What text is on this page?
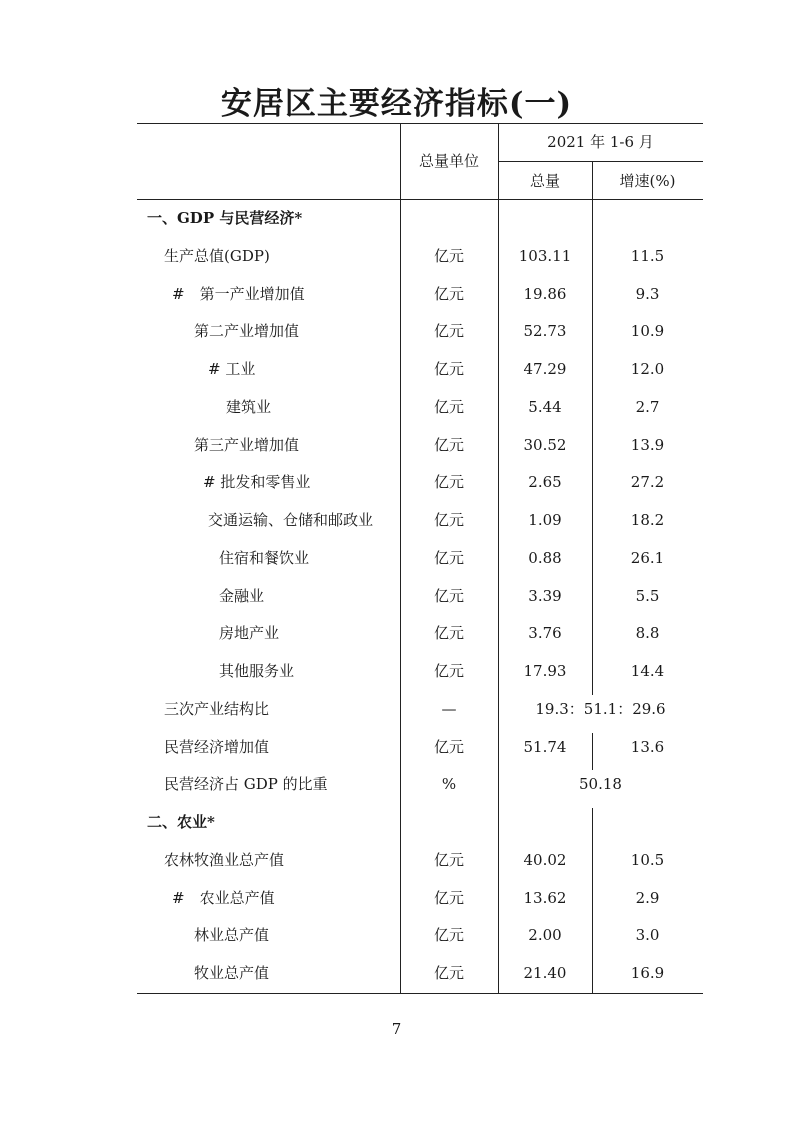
安居区主要经济指标(一)
总量单位
2021 年 1-6 月
总量	增速(%)
一、GDP 与民营经济*
生产总值(GDP)	亿元	103.11	11.5
#　第一产业增加值	亿元	19.86	9.3
第二产业增加值	亿元	52.73	10.9
# 工业	亿元	47.29	12.0
建筑业	亿元	5.44	2.7
第三产业增加值	亿元	30.52	13.9
# 批发和零售业	亿元	2.65	27.2
交通运输、仓储和邮政业	亿元	1.09	18.2
住宿和餐饮业	亿元	0.88	26.1
金融业	亿元	3.39	5.5
房地产业	亿元	3.76	8.8
其他服务业	亿元	17.93	14.4
三次产业结构比	—	19.3：51.1：29.6
民营经济增加值	亿元	51.74	13.6
民营经济占 GDP 的比重	%	50.18
二、农业*
农林牧渔业总产值	亿元	40.02	10.5
#　农业总产值	亿元	13.62	2.9
林业总产值	亿元	2.00	3.0
牧业总产值	亿元	21.40	16.9
7
